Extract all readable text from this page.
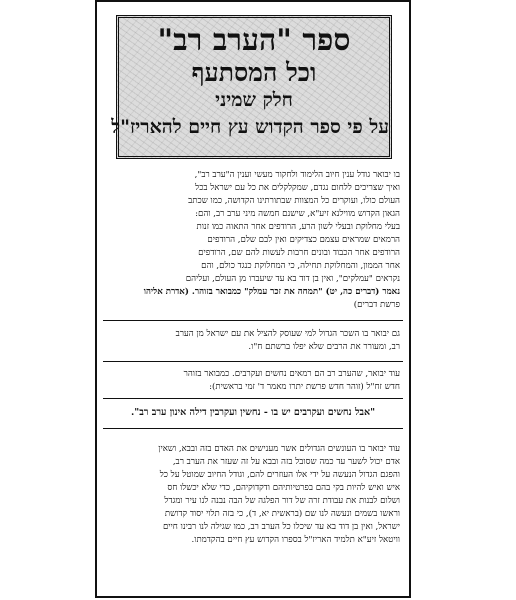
ספר "הערב רב"
וכל המסתעף
חלק שמיני
על פי ספר הקדוש עץ חיים להאריז"ל

בו יבואר גודל ענין חיוב הלימוד ולחקור מעשי וענין ה"ערב רב",

ואיך שצריכים ללחום נגדם, שמקלקלים את כל עם ישראל בכל

העולם כולו, ועוקרים כל המצוות שבתורתינו הקדושה, כמו שכתב

הגאון הקדוש מווילנא זיע"א, שישנם חמשה מיני ערב רב, והם:

בעלי מחלוקת ובעלי לשון הרע, הרודפים אחר התאוה כמו זנות

הרמאים שמראים עצמם כצדיקים ואין לבם שלם, הרודפים

הרודפים אחר הכבוד ובונים חרבות לעשות להם שם, הרודפים

אחר הממון, והמחלוקת תחילה, כי המחלוקת כנגד כולם, והם

נקראים "עמלקים", ואין בן דוד בא עד שיעברו מן העולם, ועליהם

נאמר (דברים כה, יט) "תמחה את זכר עמלק" כמבואר בזוהר. (אדרת אליהו

פרשת דברים)

גם יבואר בו השכר הגדול למי שעוסק להציל את עם ישראל מן הערב

רב, ומעורר את הרבים שלא יפלו ברשתם ח"ו.

עוד יבואר, שהערב רב הם רמאים נחשים ועקרבים. כמבואר בזוהר

חדש זח"ל (זוהר חדש פרשת יתרו מאמר ד' זמי בראשית):

"אבל נחשים ועקרבים יש בו - נחשין ועקרבין דילה אינון ערב רב".

עוד יבואר בו העונשים הגדולים אשר מענישים את האדם בזה ובבא, ושאין

אדם יכול לשער עד כמה שסובל בזה ובבא על זה שעזר את הערב רב,

והפגם הגדול הנעשה על ידי אלו העוזרים להם, וגודל החיוב שמוטל על כל

איש ואיש להיות בקי בהם בפרטיותיהם ודקדוקיהם, כדי שלא יכשלו חס

ושלום לבנות את עבודת זרה של דור הפלגה של הבה נבנה לנו עיר ומגדל

וראשו בשמים ונעשה לנו שם (בראשית יא, ד), כי בזה תלוי יסוד קדושת

ישראל, ואין בן דוד בא עד שיכלו כל הערב רב, כמו שגילה לנו רבינו חיים

וויטאל זיע"א תלמיד האריז"ל בספרו הקדוש עץ חיים בהקדמתו.
